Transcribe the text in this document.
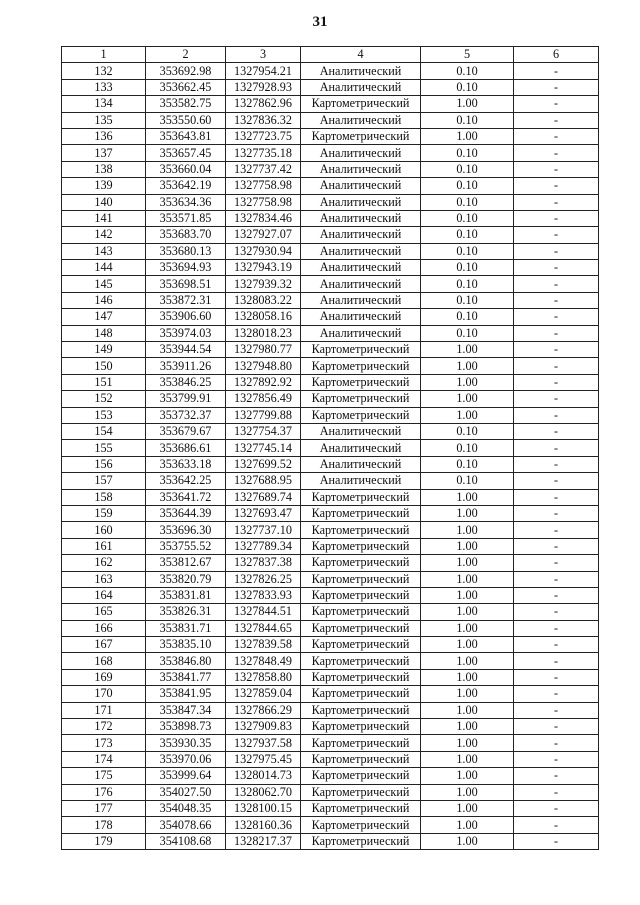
31
1	2	3	4	5	6
132	353692.98	1327954.21	Аналитический	0.10	-
133	353662.45	1327928.93	Аналитический	0.10	-
134	353582.75	1327862.96	Картометрический	1.00	-
135	353550.60	1327836.32	Аналитический	0.10	-
136	353643.81	1327723.75	Картометрический	1.00	-
137	353657.45	1327735.18	Аналитический	0.10	-
138	353660.04	1327737.42	Аналитический	0.10	-
139	353642.19	1327758.98	Аналитический	0.10	-
140	353634.36	1327758.98	Аналитический	0.10	-
141	353571.85	1327834.46	Аналитический	0.10	-
142	353683.70	1327927.07	Аналитический	0.10	-
143	353680.13	1327930.94	Аналитический	0.10	-
144	353694.93	1327943.19	Аналитический	0.10	-
145	353698.51	1327939.32	Аналитический	0.10	-
146	353872.31	1328083.22	Аналитический	0.10	-
147	353906.60	1328058.16	Аналитический	0.10	-
148	353974.03	1328018.23	Аналитический	0.10	-
149	353944.54	1327980.77	Картометрический	1.00	-
150	353911.26	1327948.80	Картометрический	1.00	-
151	353846.25	1327892.92	Картометрический	1.00	-
152	353799.91	1327856.49	Картометрический	1.00	-
153	353732.37	1327799.88	Картометрический	1.00	-
154	353679.67	1327754.37	Аналитический	0.10	-
155	353686.61	1327745.14	Аналитический	0.10	-
156	353633.18	1327699.52	Аналитический	0.10	-
157	353642.25	1327688.95	Аналитический	0.10	-
158	353641.72	1327689.74	Картометрический	1.00	-
159	353644.39	1327693.47	Картометрический	1.00	-
160	353696.30	1327737.10	Картометрический	1.00	-
161	353755.52	1327789.34	Картометрический	1.00	-
162	353812.67	1327837.38	Картометрический	1.00	-
163	353820.79	1327826.25	Картометрический	1.00	-
164	353831.81	1327833.93	Картометрический	1.00	-
165	353826.31	1327844.51	Картометрический	1.00	-
166	353831.71	1327844.65	Картометрический	1.00	-
167	353835.10	1327839.58	Картометрический	1.00	-
168	353846.80	1327848.49	Картометрический	1.00	-
169	353841.77	1327858.80	Картометрический	1.00	-
170	353841.95	1327859.04	Картометрический	1.00	-
171	353847.34	1327866.29	Картометрический	1.00	-
172	353898.73	1327909.83	Картометрический	1.00	-
173	353930.35	1327937.58	Картометрический	1.00	-
174	353970.06	1327975.45	Картометрический	1.00	-
175	353999.64	1328014.73	Картометрический	1.00	-
176	354027.50	1328062.70	Картометрический	1.00	-
177	354048.35	1328100.15	Картометрический	1.00	-
178	354078.66	1328160.36	Картометрический	1.00	-
179	354108.68	1328217.37	Картометрический	1.00	-
